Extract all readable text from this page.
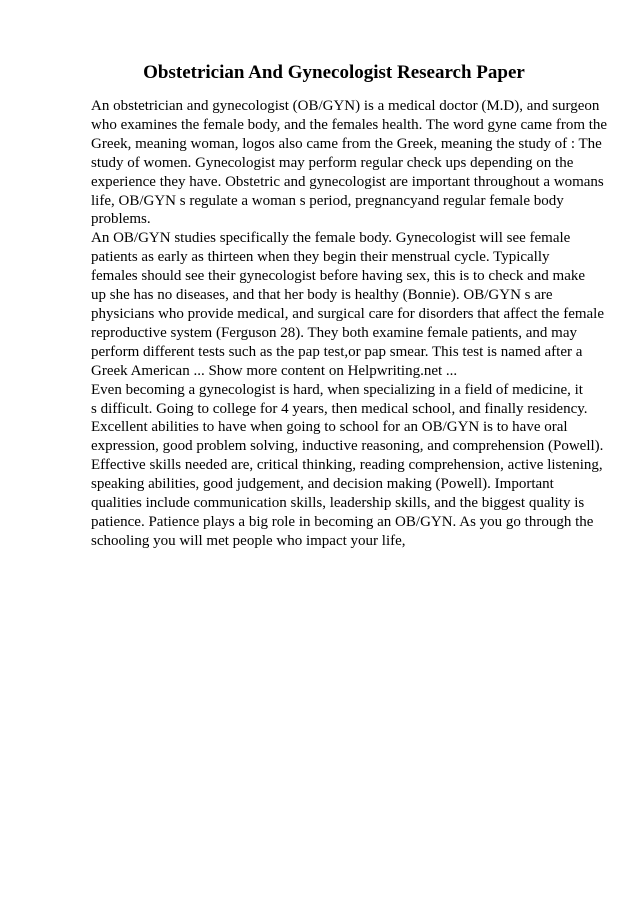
Obstetrician And Gynecologist Research Paper
An obstetrician and gynecologist (OB/GYN) is a medical doctor (M.D), and surgeon
who examines the female body, and the females health. The word gyne came from the
Greek, meaning woman, logos also came from the Greek, meaning the study of : The
study of women. Gynecologist may perform regular check ups depending on the
experience they have. Obstetric and gynecologist are important throughout a womans
life, OB/GYN s regulate a woman s period, pregnancyand regular female body
problems.
An OB/GYN studies specifically the female body. Gynecologist will see female
patients as early as thirteen when they begin their menstrual cycle. Typically
females should see their gynecologist before having sex, this is to check and make
up she has no diseases, and that her body is healthy (Bonnie). OB/GYN s are
physicians who provide medical, and surgical care for disorders that affect the female
reproductive system (Ferguson 28). They both examine female patients, and may
perform different tests such as the pap test,or pap smear. This test is named after a
Greek American ... Show more content on Helpwriting.net ...
Even becoming a gynecologist is hard, when specializing in a field of medicine, it
s difficult. Going to college for 4 years, then medical school, and finally residency.
Excellent abilities to have when going to school for an OB/GYN is to have oral
expression, good problem solving, inductive reasoning, and comprehension (Powell).
Effective skills needed are, critical thinking, reading comprehension, active listening,
speaking abilities, good judgement, and decision making (Powell). Important
qualities include communication skills, leadership skills, and the biggest quality is
patience. Patience plays a big role in becoming an OB/GYN. As you go through the
schooling you will met people who impact your life,
